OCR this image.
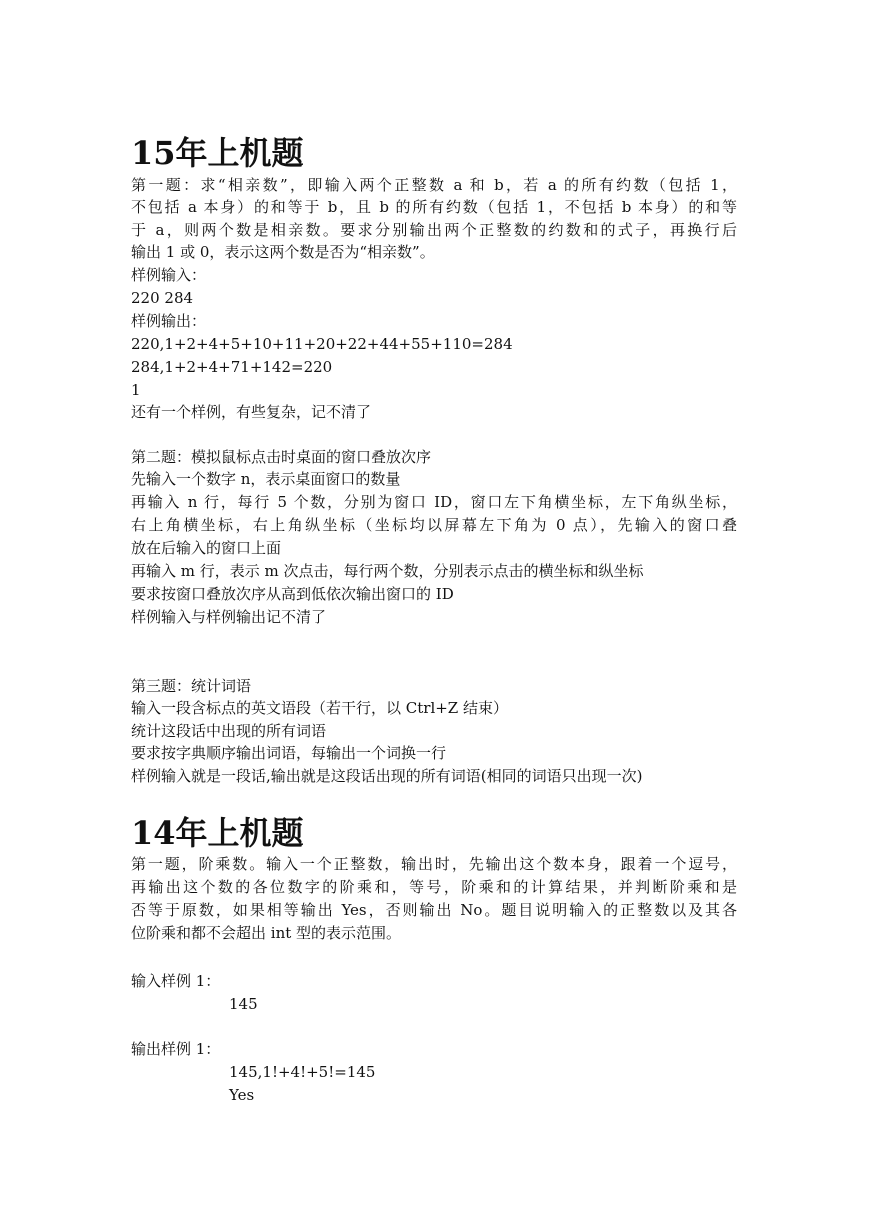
15年上机题

第一题：求“相亲数”，即输入两个正整数 a 和 b，若 a 的所有约数（包括 1，

不包括 a 本身）的和等于 b，且 b 的所有约数（包括 1，不包括 b 本身）的和等

于 a，则两个数是相亲数。要求分别输出两个正整数的约数和的式子，再换行后

输出 1 或 0，表示这两个数是否为“相亲数”。

样例输入：

220 284

样例输出：

220,1+2+4+5+10+11+20+22+44+55+110=284

284,1+2+4+71+142=220

1

还有一个样例，有些复杂，记不清了

第二题：模拟鼠标点击时桌面的窗口叠放次序

先输入一个数字 n，表示桌面窗口的数量

再输入 n 行，每行 5 个数，分别为窗口 ID，窗口左下角横坐标，左下角纵坐标，

右上角横坐标，右上角纵坐标（坐标均以屏幕左下角为 0 点），先输入的窗口叠

放在后输入的窗口上面

再输入 m 行，表示 m 次点击，每行两个数，分别表示点击的横坐标和纵坐标

要求按窗口叠放次序从高到低依次输出窗口的 ID

样例输入与样例输出记不清了

第三题：统计词语

输入一段含标点的英文语段（若干行，以 Ctrl+Z 结束）

统计这段话中出现的所有词语

要求按字典顺序输出词语，每输出一个词换一行

样例输入就是一段话,输出就是这段话出现的所有词语(相同的词语只出现一次)

14年上机题

第一题，阶乘数。输入一个正整数，输出时，先输出这个数本身，跟着一个逗号，

再输出这个数的各位数字的阶乘和，等号，阶乘和的计算结果，并判断阶乘和是

否等于原数，如果相等输出 Yes，否则输出 No。题目说明输入的正整数以及其各

位阶乘和都不会超出 int 型的表示范围。

输入样例 1：

145

输出样例 1：

145,1!+4!+5!=145

Yes
